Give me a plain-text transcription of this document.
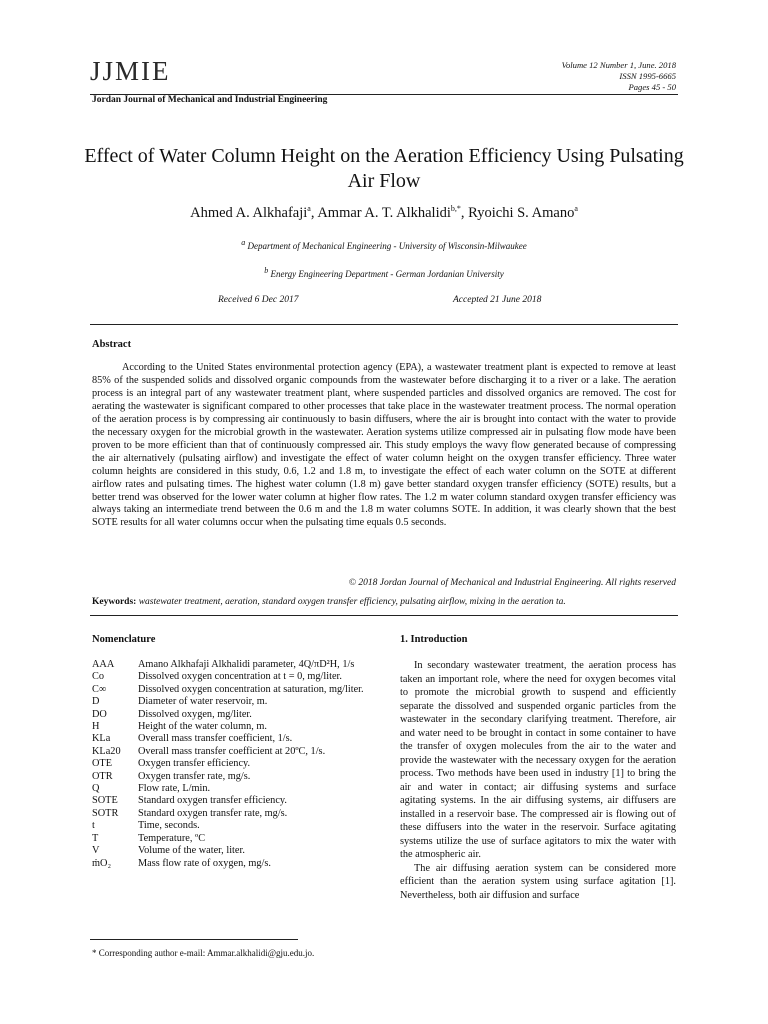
JJMIE	Volume 12 Number 1, June. 2018
ISSN 1995-6665
Pages 45 - 50
Jordan Journal of Mechanical and Industrial Engineering
Effect of Water Column Height on the Aeration Efficiency Using Pulsating Air Flow
Ahmed A. Alkhafaji$^a$, Ammar A. T. Alkhalidi$^{b,*}$, Ryoichi S. Amano$^a$
$^a$ Department of Mechanical Engineering - University of Wisconsin-Milwaukee
$^b$ Energy Engineering Department - German Jordanian University
Received 6 Dec 2017	Accepted 21 June 2018
Abstract
According to the United States environmental protection agency (EPA), a wastewater treatment plant is expected to remove at least 85% of the suspended solids and dissolved organic compounds from the wastewater before discharging it to a river or a lake. The aeration process is an integral part of any wastewater treatment plant, where suspended particles and dissolved organics are removed. The cost for aerating the wastewater is significant compared to other processes that take place in the wastewater treatment process. The normal operation of the aeration process is by compressing air continuously to basin diffusers, where the air is brought into contact with the water to provide the necessary oxygen for the microbial growth in the wastewater. Aeration systems utilize compressed air in pulsating flow mode have been proven to be more efficient than that of continuously compressed air. This study employs the wavy flow generated because of compressing the air alternatively (pulsating airflow) and investigate the effect of water column height on the oxygen transfer efficiency. Three water column heights are considered in this study, 0.6, 1.2 and 1.8 m, to investigate the effect of each water column on the SOTE at different airflow rates and pulsating times. The highest water column (1.8 m) gave better standard oxygen transfer efficiency (SOTE) results, but a better trend was observed for the lower water column at higher flow rates. The 1.2 m water column standard oxygen transfer efficiency was always taking an intermediate trend between the 0.6 m and the 1.8 m water columns SOTE. In addition, it was clearly shown that the best SOTE results for all water columns occur when the pulsating time equals 0.5 seconds.
© 2018 Jordan Journal of Mechanical and Industrial Engineering. All rights reserved
Keywords: wastewater treatment, aeration, standard oxygen transfer efficiency, pulsating airflow, mixing in the aeration ta.
Nomenclature
AAA	Amano Alkhafaji Alkhalidi parameter, 4Q/πD²H, 1/s
Co	Dissolved oxygen concentration at t = 0, mg/liter.
C∞	Dissolved oxygen concentration at saturation, mg/liter.
D	Diameter of water reservoir, m.
DO	Dissolved oxygen, mg/liter.
H	Height of the water column, m.
KLa	Overall mass transfer coefficient, 1/s.
KLa20	Overall mass transfer coefficient at 20ºC, 1/s.
OTE	Oxygen transfer efficiency.
OTR	Oxygen transfer rate, mg/s.
Q	Flow rate, L/min.
SOTE	Standard oxygen transfer efficiency.
SOTR	Standard oxygen transfer rate, mg/s.
t	Time, seconds.
T	Temperature, ºC
V	Volume of the water, liter.
ṁO₂	Mass flow rate of oxygen, mg/s.
1. Introduction

In secondary wastewater treatment, the aeration process has taken an important role, where the need for oxygen becomes vital to promote the microbial growth to suspend and efficiently separate the dissolved and suspended organic particles from the wastewater in the secondary clarifying treatment. Therefore, air and water need to be brought in contact in some container to have the transfer of oxygen molecules from the air to the water and provide the wastewater with the necessary oxygen for the aeration process. Two methods have been used in industry [1] to bring the air and water in contact; air diffusing systems and surface agitating systems. In the air diffusing systems, air diffusers are installed in a reservoir base. The compressed air is flowing out of these diffusers into the water in the reservoir. Surface agitating systems utilize the use of surface agitators to mix the water with the atmospheric air.

The air diffusing aeration system can be considered more efficient than the aeration system using surface agitation [1]. Nevertheless, both air diffusion and surface

* Corresponding author e-mail: Ammar.alkhalidi@gju.edu.jo.
